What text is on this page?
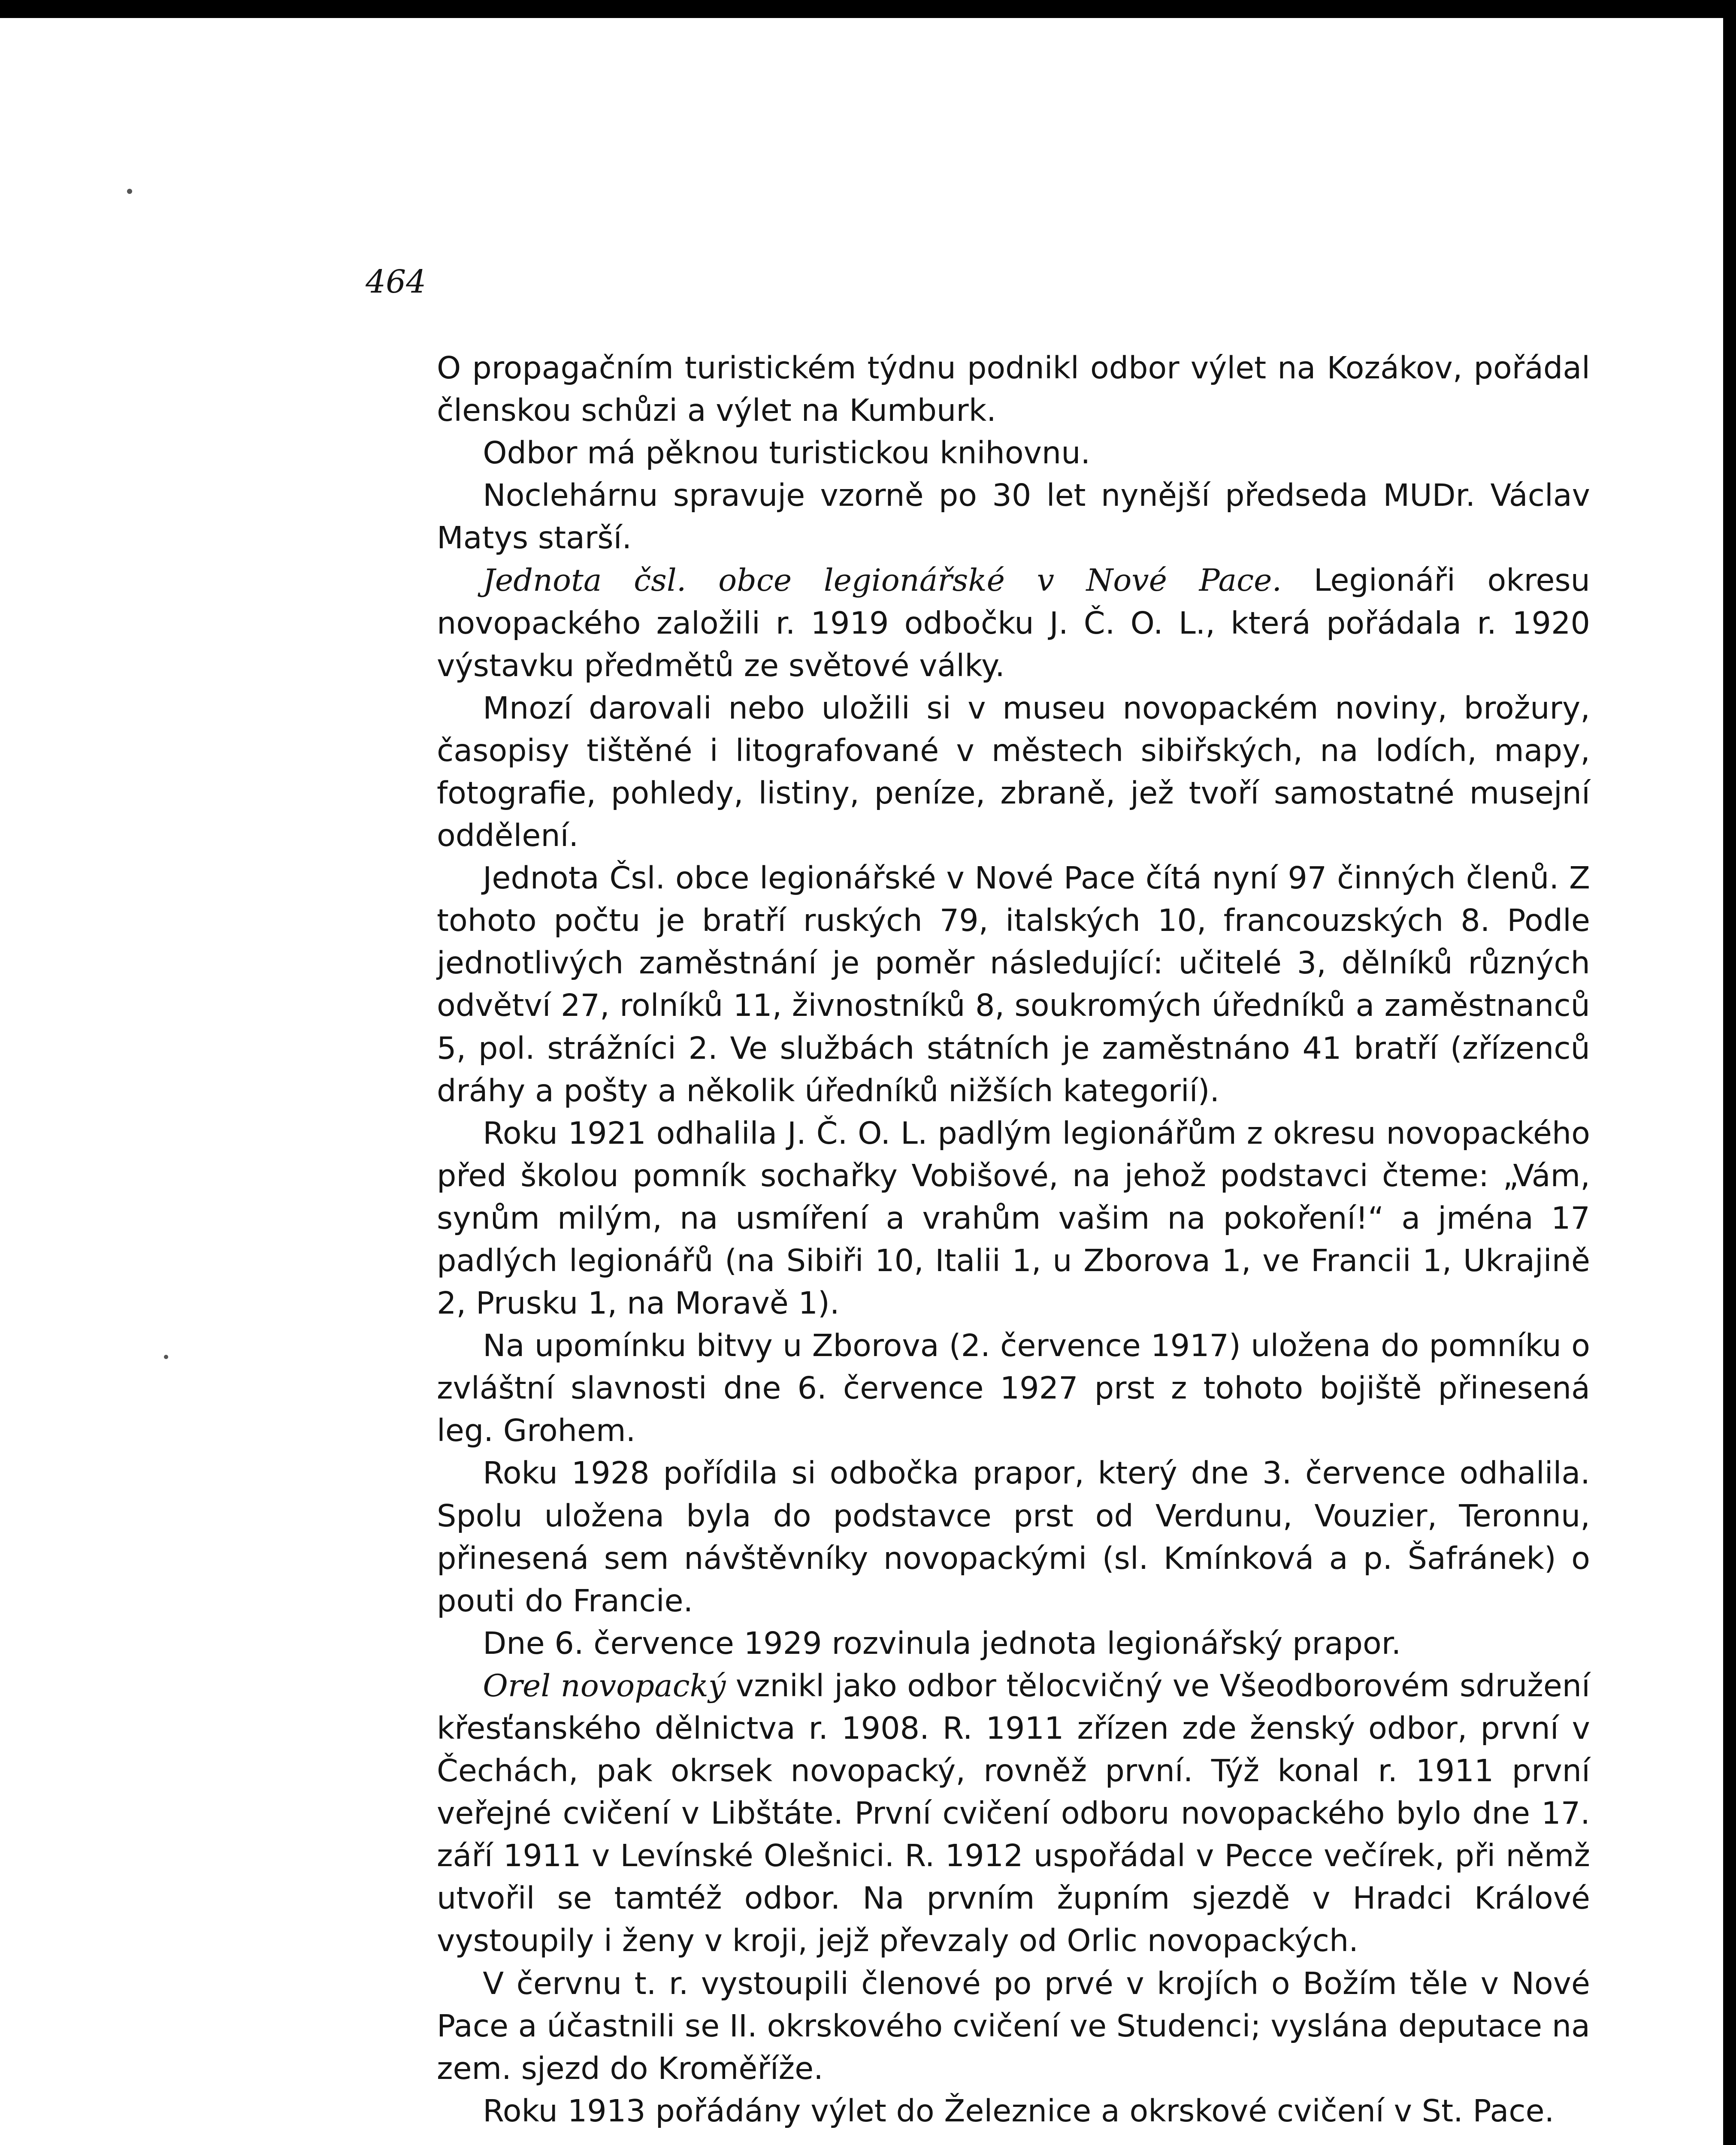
464

O propagačním turistickém týdnu podnikl odbor výlet na Kozákov, pořádal členskou schůzi a výlet na Kumburk.

Odbor má pěknou turistickou knihovnu.

Noclehárnu spravuje vzorně po 30 let nynější předseda MUDr. Václav Matys starší.

Jednota čsl. obce legionářské v Nové Pace. Legionáři okresu novopackého založili r. 1919 odbočku J. Č. O. L., která pořádala r. 1920 výstavku předmětů ze světové války.

Mnozí darovali nebo uložili si v museu novopackém noviny, brožury, časopisy tištěné i litografované v městech sibiřských, na lodích, mapy, fotografie, pohledy, listiny, peníze, zbraně, jež tvoří samostatné musejní oddělení.

Jednota Čsl. obce legionářské v Nové Pace čítá nyní 97 činných členů. Z tohoto počtu je bratří ruských 79, italských 10, francouzských 8. Podle jednotlivých zaměstnání je poměr následující: učitelé 3, dělníků různých odvětví 27, rolníků 11, živnostníků 8, soukromých úředníků a zaměstnanců 5, pol. strážníci 2. Ve službách státních je zaměstnáno 41 bratří (zřízenců dráhy a pošty a několik úředníků nižších kategorií).

Roku 1921 odhalila J. Č. O. L. padlým legionářům z okresu novopackého před školou pomník sochařky Vobišové, na jehož podstavci čteme: „Vám, synům milým, na usmíření a vrahům vašim na pokoření!“ a jména 17 padlých legionářů (na Sibiři 10, Italii 1, u Zborova 1, ve Francii 1, Ukrajině 2, Prusku 1, na Moravě 1).

Na upomínku bitvy u Zborova (2. července 1917) uložena do pomníku o zvláštní slavnosti dne 6. července 1927 prst z tohoto bojiště přinesená leg. Grohem.

Roku 1928 pořídila si odbočka prapor, který dne 3. července odhalila. Spolu uložena byla do podstavce prst od Verdunu, Vouzier, Teronnu, přinesená sem návštěvníky novopackými (sl. Kmínková a p. Šafránek) o pouti do Francie.

Dne 6. července 1929 rozvinula jednota legionářský prapor.

Orel novopacký vznikl jako odbor tělocvičný ve Všeodborovém sdružení křesťanského dělnictva r. 1908. R. 1911 zřízen zde ženský odbor, první v Čechách, pak okrsek novopacký, rovněž první. Týž konal r. 1911 první veřejné cvičení v Libštáte. První cvičení odboru novopackého bylo dne 17. září 1911 v Levínské Olešnici. R. 1912 uspořádal v Pecce večírek, při němž utvořil se tamtéž odbor. Na prvním župním sjezdě v Hradci Králové vystoupily i ženy v kroji, jejž převzaly od Orlic novopackých.

V červnu t. r. vystoupili členové po prvé v krojích o Božím těle v Nové Pace a účastnili se II. okrskového cvičení ve Studenci; vyslána deputace na zem. sjezd do Kroměříže.

Roku 1913 pořádány výlet do Železnice a okrskové cvičení v St. Pace.
